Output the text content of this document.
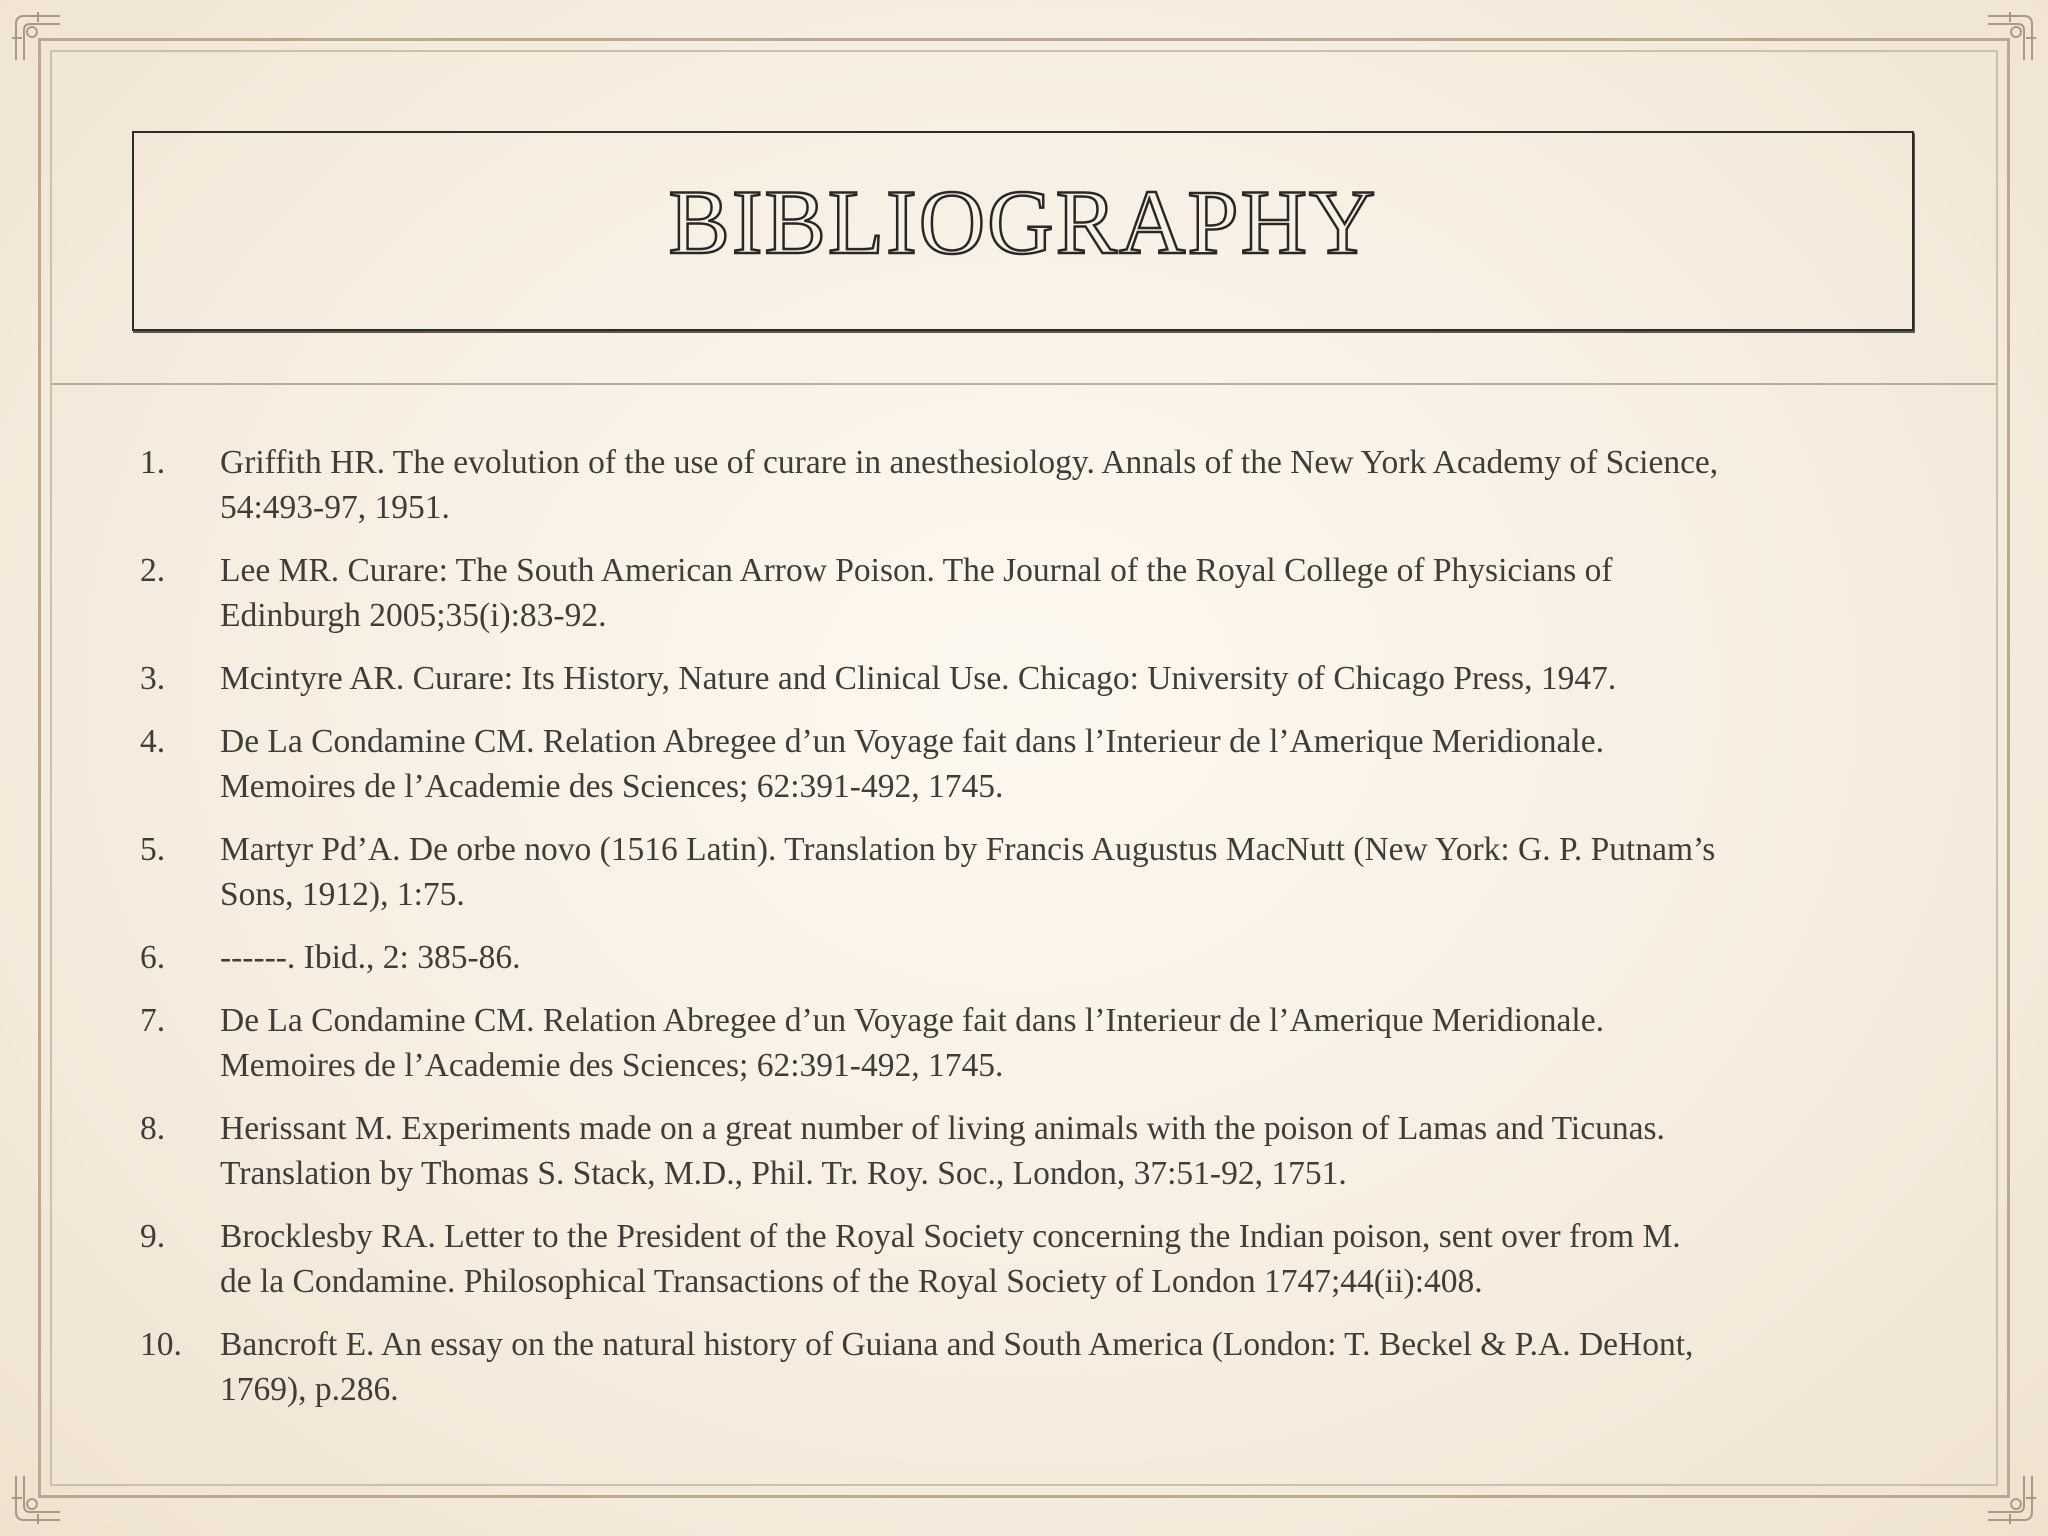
BIBLIOGRAPHY
1.	Griffith HR. The evolution of the use of curare in anesthesiology. Annals of the New York Academy of Science,
54:493-97, 1951.
2.	Lee MR. Curare: The South American Arrow Poison. The Journal of the Royal College of Physicians of
Edinburgh 2005;35(i):83-92.
3.	Mcintyre AR. Curare: Its History, Nature and Clinical Use. Chicago: University of Chicago Press, 1947.
4.	De La Condamine CM. Relation Abregee d’un Voyage fait dans l’Interieur de l’Amerique Meridionale.
Memoires de l’Academie des Sciences; 62:391-492, 1745.
5.	Martyr Pd’A. De orbe novo (1516 Latin). Translation by Francis Augustus MacNutt (New York: G. P. Putnam’s
Sons, 1912), 1:75.
6.	------. Ibid., 2: 385-86.
7.	De La Condamine CM. Relation Abregee d’un Voyage fait dans l’Interieur de l’Amerique Meridionale.
Memoires de l’Academie des Sciences; 62:391-492, 1745.
8.	Herissant M. Experiments made on a great number of living animals with the poison of Lamas and Ticunas.
Translation by Thomas S. Stack, M.D., Phil. Tr. Roy. Soc., London, 37:51-92, 1751.
9.	Brocklesby RA. Letter to the President of the Royal Society concerning the Indian poison, sent over from M.
de la Condamine. Philosophical Transactions of the Royal Society of London 1747;44(ii):408.
10.	Bancroft E. An essay on the natural history of Guiana and South America (London: T. Beckel & P.A. DeHont,
1769), p.286.
